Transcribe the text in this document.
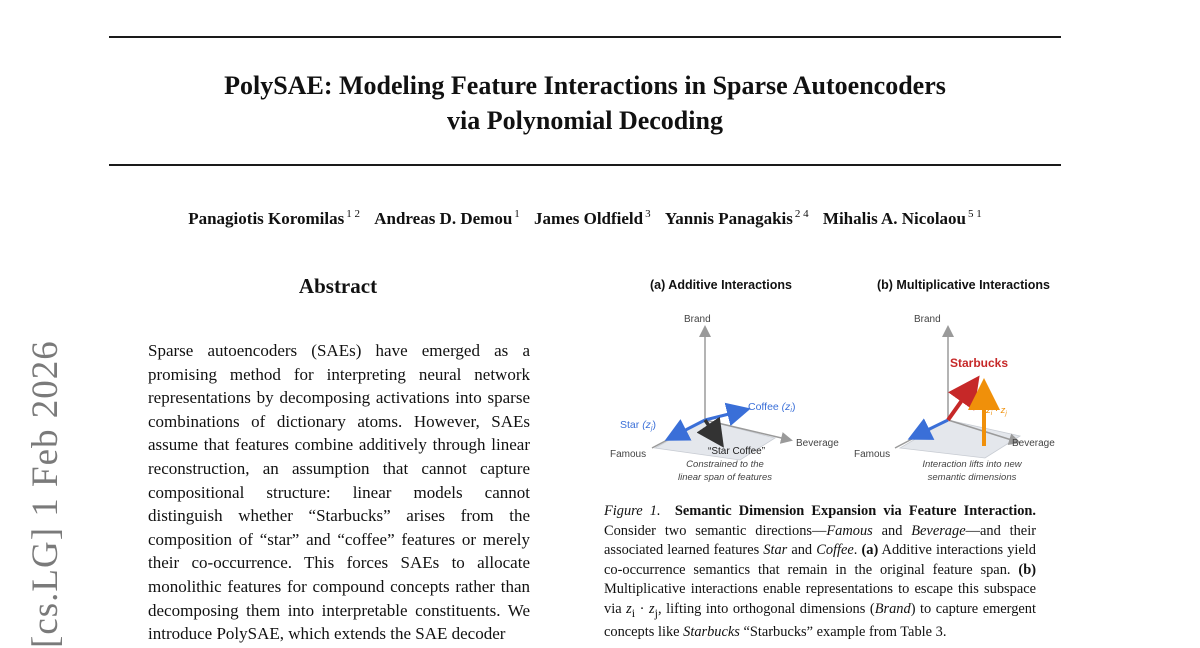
PolySAE: Modeling Feature Interactions in Sparse Autoencoders
via Polynomial Decoding
Panagiotis Koromilas $^{1 2}$ Andreas D. Demou $^1$ James Oldfield $^3$ Yannis Panagakis $^{2 4}$ Mihalis A. Nicolaou $^{5 1}$
[cs.LG] 1 Feb 2026
Abstract

Sparse autoencoders (SAEs) have emerged as a promising method for interpreting neural network representations by decomposing activations into sparse combinations of dictionary atoms. However, SAEs assume that features combine additively through linear reconstruction, an assumption that cannot capture compositional structure: linear models cannot distinguish whether “Starbucks” arises from the composition of “star” and “coffee” features or merely their co-occurrence. This forces SAEs to allocate monolithic features for compound concepts rather than decomposing them into interpretable constituents. We introduce PolySAE, which extends the SAE decoder

(a) Additive Interactions	(b) Multiplicative Interactions
Brand
Famous
Beverage
Star (zj)
Coffee (zi)
“Star Coffee”
Constrained to the
linear span of features
Brand
Famous
Beverage
Starbucks
$z_i \cdot z_j$
Interaction lifts into new
semantic dimensions

Figure 1. Semantic Dimension Expansion via Feature Interaction. Consider two semantic directions—Famous and Beverage—and their associated learned features Star and Coffee. (a) Additive interactions yield co-occurrence semantics that remain in the original feature span. (b) Multiplicative interactions enable representations to escape this subspace via $z_i \cdot z_j$, lifting into orthogonal dimensions (Brand) to capture emergent concepts like Starbucks “Starbucks” example from Table 3.
